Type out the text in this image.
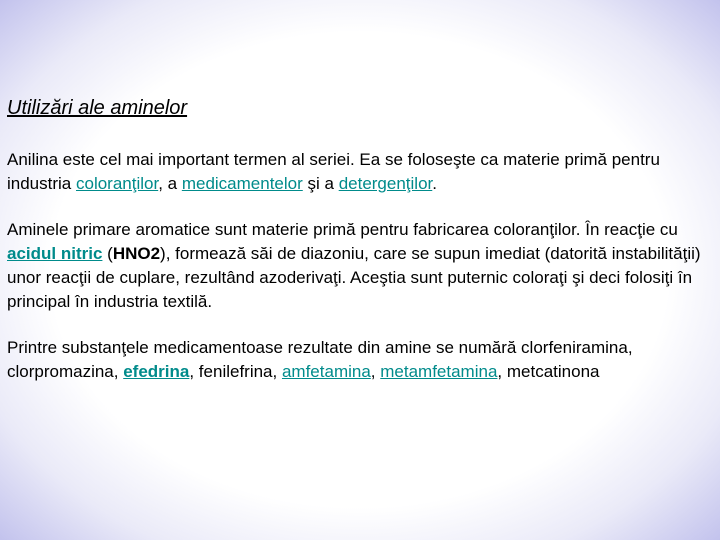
Utilizări ale aminelor

Anilina este cel mai important termen al seriei. Ea se foloseşte ca materie primă pentru industria coloranţilor, a medicamentelor şi a detergenţilor.

Aminele primare aromatice sunt materie primă pentru fabricarea coloranţilor. În reacţie cu acidul nitric (HNO2), formează săi de diazoniu, care se supun imediat (datorită instabilităţii) unor reacţii de cuplare, rezultând azoderivaţi. Aceştia sunt puternic coloraţi şi deci folosiţi în principal în industria textilă.

Printre substanţele medicamentoase rezultate din amine se numără clorfeniramina, clorpromazina, efedrina, fenilefrina, amfetamina, metamfetamina, metcatinona
